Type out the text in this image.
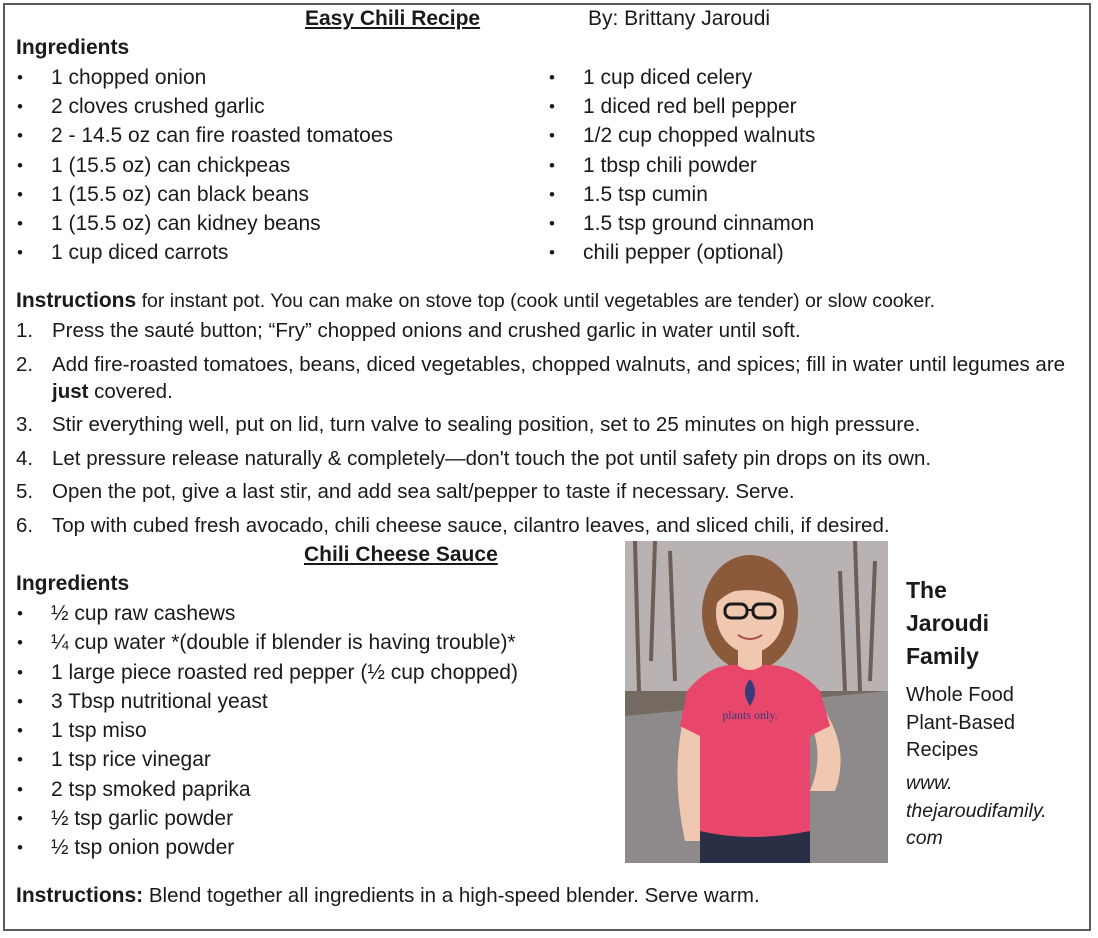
Easy Chili Recipe	By: Brittany Jaroudi
Ingredients
• 1 chopped onion
• 2 cloves crushed garlic
• 2 - 14.5 oz can fire roasted tomatoes
• 1 (15.5 oz) can chickpeas
• 1 (15.5 oz) can black beans
• 1 (15.5 oz) can kidney beans
• 1 cup diced carrots
• 1 cup diced celery
• 1 diced red bell pepper
• 1/2 cup chopped walnuts
• 1 tbsp chili powder
• 1.5 tsp cumin
• 1.5 tsp ground cinnamon
• chili pepper (optional)
Instructions for instant pot. You can make on stove top (cook until vegetables are tender) or slow cooker.
1. Press the sauté button; “Fry” chopped onions and crushed garlic in water until soft.
2. Add fire-roasted tomatoes, beans, diced vegetables, chopped walnuts, and spices; fill in water until legumes are just covered.
3. Stir everything well, put on lid, turn valve to sealing position, set to 25 minutes on high pressure.
4. Let pressure release naturally & completely—don't touch the pot until safety pin drops on its own.
5. Open the pot, give a last stir, and add sea salt/pepper to taste if necessary. Serve.
6. Top with cubed fresh avocado, chili cheese sauce, cilantro leaves, and sliced chili, if desired.
Chili Cheese Sauce
Ingredients
• ½ cup raw cashews
• ¼ cup water *(double if blender is having trouble)*
• 1 large piece roasted red pepper (½ cup chopped)
• 3 Tbsp nutritional yeast
• 1 tsp miso
• 1 tsp rice vinegar
• 2 tsp smoked paprika
• ½ tsp garlic powder
• ½ tsp onion powder
Instructions: Blend together all ingredients in a high-speed blender. Serve warm.
plants only.
The
Jaroudi
Family
Whole Food
Plant-Based
Recipes
www.
thejaroudifamily.
com
